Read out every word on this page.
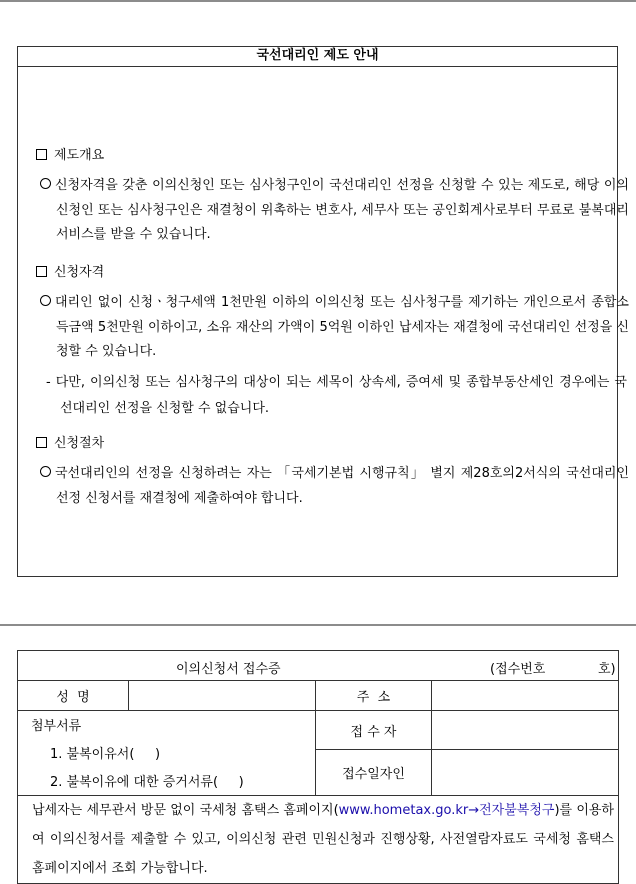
국선대리인 제도 안내
제도개요
신청자격을 갖춘 이의신청인 또는 심사청구인이 국선대리인 선정을 신청할 수 있는 제도로, 해당 이의신청인 또는 심사청구인은 재결청이 위촉하는 변호사, 세무사 또는 공인회계사로부터 무료로 불복대리 서비스를 받을 수 있습니다.
신청자격
대리인 없이 신청ㆍ청구세액 1천만원 이하의 이의신청 또는 심사청구를 제기하는 개인으로서 종합소득금액 5천만원 이하이고, 소유 재산의 가액이 5억원 이하인 납세자는 재결청에 국선대리인 선정을 신청할 수 있습니다.
- 다만, 이의신청 또는 심사청구의 대상이 되는 세목이 상속세, 증여세 및 종합부동산세인 경우에는 국선대리인 선정을 신청할 수 없습니다.
신청절차
국선대리인의 선정을 신청하려는 자는 「국세기본법 시행규칙」 별지 제28호의2서식의 국선대리인 선정 신청서를 재결청에 제출하여야 합니다.
이의신청서 접수증 (접수번호 호)			

성  명		주  소	

첨부서류
1. 불복이유서(     )
2. 불복이유에 대한 증거서류(     )		접 수 자	
		접수일자인	
납세자는 세무관서 방문 없이 국세청 홈택스 홈페이지(www.hometax.go.kr→전자불복청구)를 이용하여 이의신청서를 제출할 수 있고, 이의신청 관련 민원신청과 진행상황, 사전열람자료도 국세청 홈택스 홈페이지에서 조회 가능합니다.			
